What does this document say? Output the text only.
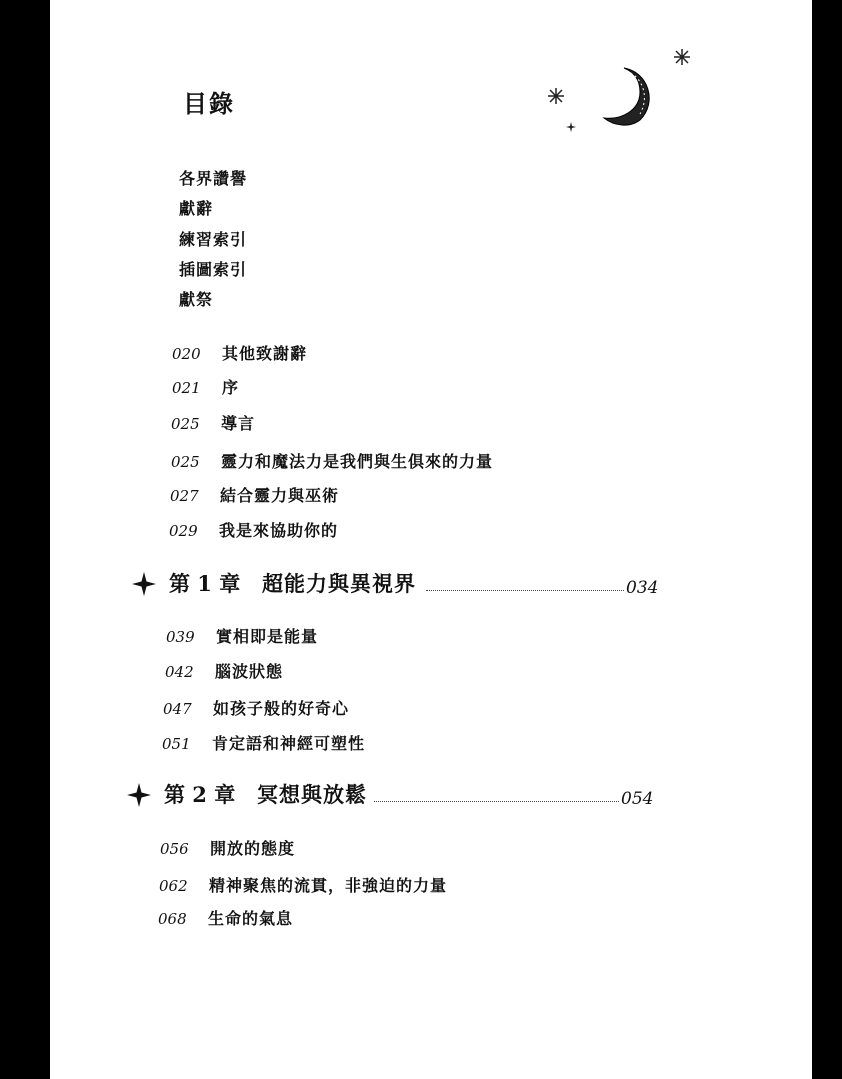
目錄
各界讚譽
獻辭
練習索引
插圖索引
獻祭
020 其他致謝辭
021 序
025 導言
025 靈力和魔法力是我們與生俱來的力量
027 結合靈力與巫術
029 我是來協助你的
第 1 章 超能力與異視界	034
039 實相即是能量
042 腦波狀態
047 如孩子般的好奇心
051 肯定語和神經可塑性
第 2 章 冥想與放鬆	054
056 開放的態度
062 精神聚焦的流貫，非強迫的力量
068 生命的氣息
